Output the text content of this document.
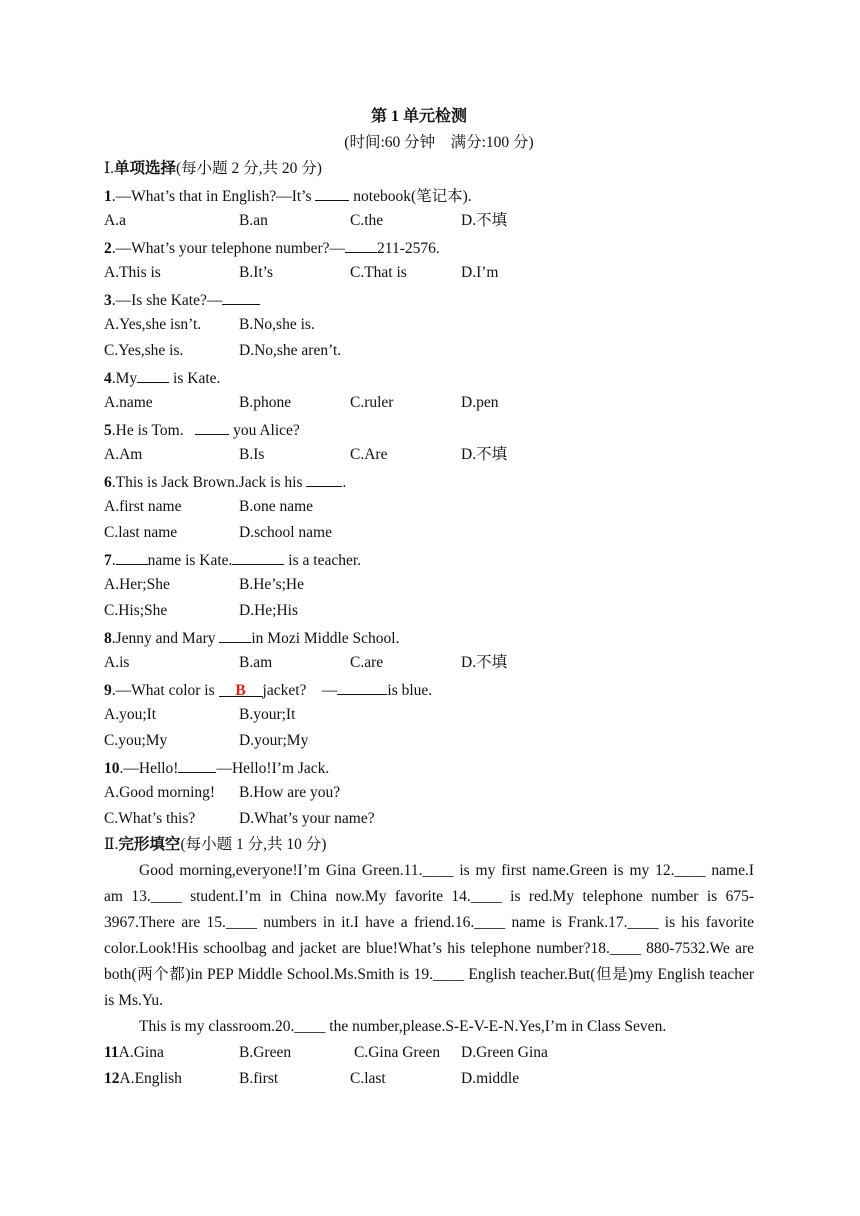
第 1 单元检测
(时间:60 分钟　满分:100 分)
Ⅰ.单项选择(每小题 2 分,共 20 分)
1.—What’s that in English?—It’s  notebook(笔记本).
A.a	B.an	C.the	D.不填
2.—What’s your telephone number?— 211-2576.
A.This is	B.It’s	C.That is	D.I’m
3.—Is she Kate?—
A.Yes,she isn’t. B.No,she is.
C.Yes,she is.	D.No,she aren’t.
4.My is Kate.
A.name	B.phone	C.ruler	D.pen
5.He is Tom.    you Alice?
A.Am	B.Is	C.Are	D.不填
6.This is Jack Brown.Jack is his .
A.first name	B.one name
C.last name	D.school name
7. name is Kate.	is a teacher.
A.Her;She	B.He’s;He
C.His;She	D.He;His
8.Jenny and Mary in Mozi Middle School.
A.is	B.am	C.are	D.不填
9.—What color is B jacket?    —	is blue.
A.you;It	B.your;It
C.you;My	D.your;My
10.—Hello! —Hello!I’m Jack.
A.Good morning! B.How are you?
C.What’s this?	D.What’s your name?
Ⅱ.完形填空(每小题 1 分,共 10 分)

Good morning,everyone!I’m Gina Green.11.____ is my first name.Green is my 12.____ name.I am 13.____ student.I’m in China now.My favorite 14.____ is red.My telephone number is 675-3967.There are 15.____ numbers in it.I have a friend.16.____ name is Frank.17.____ is his favorite color.Look!His schoolbag and jacket are blue!What’s his telephone number?18.____ 880-7532.We are both(两个都)in PEP Middle School.Ms.Smith is 19.____ English teacher.But(但是)my English teacher is Ms.Yu.

This is my classroom.20.____ the number,please.S-E-V-E-N.Yes,I’m in Class Seven.

11A.Gina	B.Green	C.Gina Green D.Green Gina
12A.English	B.first	C.last	D.middle
